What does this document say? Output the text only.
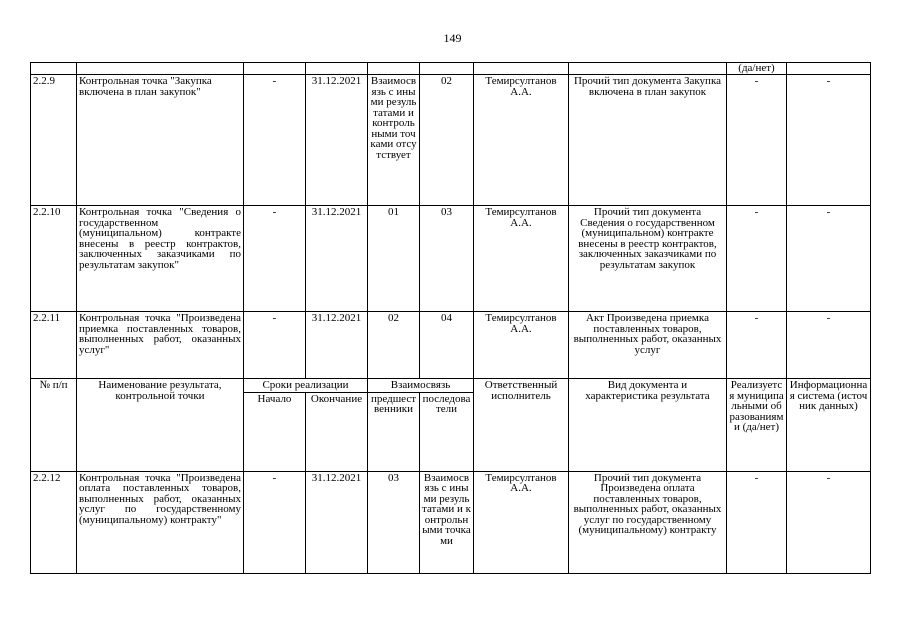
149
								(да/нет)	
2.2.9	Контрольная точка "Закупка включена в план закупок"	-	31.12.2021	Взаимосвязь с иными результатами и контрольными точками отсутствует	02	Темирсултанов А.А.	Прочий тип документа Закупка включена в план закупок	-	-
2.2.10	Контрольная точка "Сведения о государственном (муниципальном) контракте внесены в реестр контрактов, заключенных заказчиками по результатам закупок"	-	31.12.2021	01	03	Темирсултанов А.А.	Прочий тип документа Сведения о государственном (муниципальном) контракте внесены в реестр контрактов, заключенных заказчиками по результатам закупок	-	-
2.2.11	Контрольная точка "Произведена приемка поставленных товаров, выполненных работ, оказанных услуг"	-	31.12.2021	02	04	Темирсултанов А.А.	Акт Произведена приемка поставленных товаров, выполненных работ, оказанных услуг	-	-
№ п/п	Наименование результата, контрольной точки	Сроки реализации		Взаимосвязь		Ответственный исполнитель	Вид документа и характеристика результата	Реализуется муниципальными образованиями (да/нет)	Информационная система (источник данных)
		Начало	Окончание	предшественники	последователи				
2.2.12	Контрольная точка "Произведена оплата поставленных товаров, выполненных работ, оказанных услуг по государственному (муниципальному) контракту"	-	31.12.2021	03	Взаимосвязь с иными результатами и контрольными точками	Темирсултанов А.А.	Прочий тип документа Произведена оплата поставленных товаров, выполненных работ, оказанных услуг по государственному (муниципальному) контракту	-	-
